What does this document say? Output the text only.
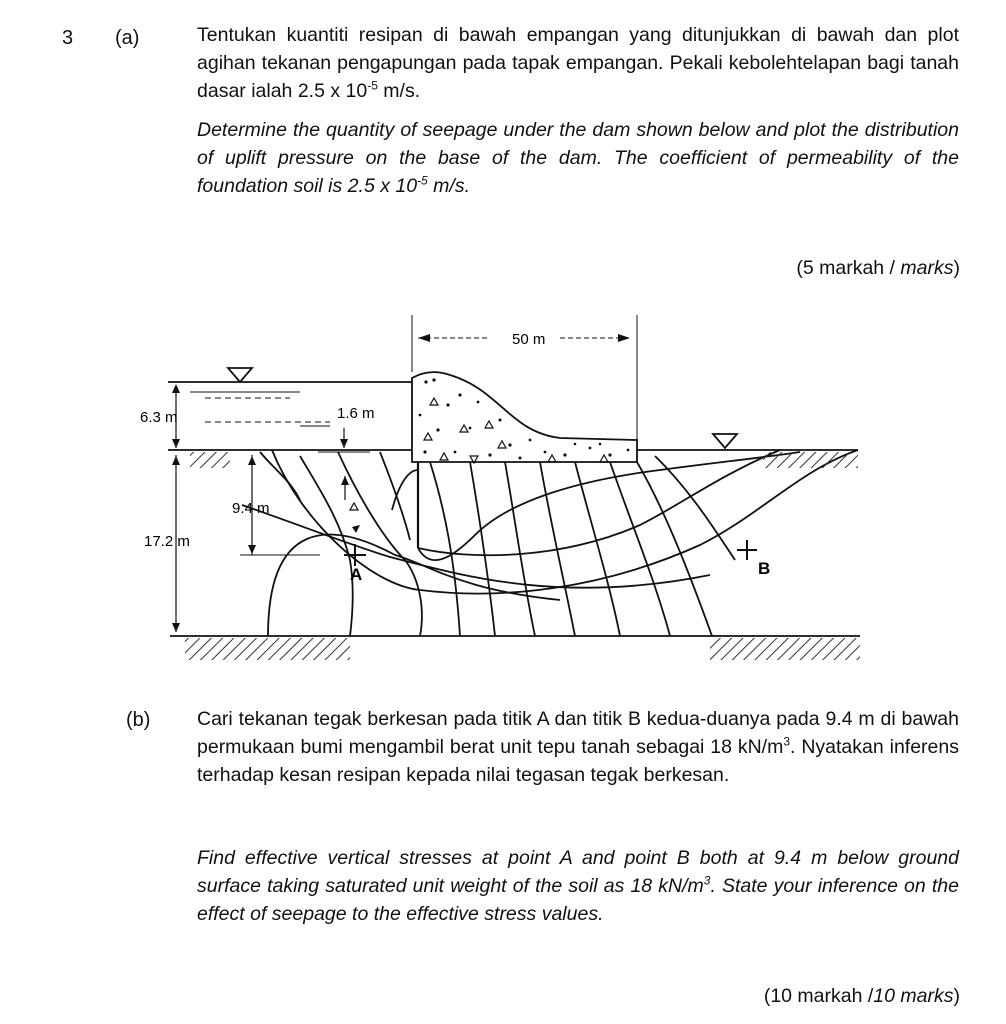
3 (a)	Tentukan kuantiti resipan di bawah empangan yang ditunjukkan di bawah dan plot agihan tekanan pengapungan pada tapak empangan. Pekali kebolehtelapan bagi tanah dasar ialah 2.5 x $10^{-5}$ m/s.
Determine the quantity of seepage under the dam shown below and plot the distribution of uplift pressure on the base of the dam. The coefficient of permeability of the foundation soil is 2.5 x $10^{-5}$ m/s.
(5 markah / marks)
50 m
6.3 m	1.6 m
9.4 m
17.2 m
A	B
(b) Cari tekanan tegak berkesan pada titik A dan titik B kedua-duanya pada 9.4 m di bawah permukaan bumi mengambil berat unit tepu tanah sebagai 18 $kN/m^3$. Nyatakan inferens terhadap kesan resipan kepada nilai tegasan tegak berkesan.
Find effective vertical stresses at point A and point B both at 9.4 m below ground surface taking saturated unit weight of the soil as 18 $kN/m^3$. State your inference on the effect of seepage to the effective stress values.
(10 markah /10 marks)
